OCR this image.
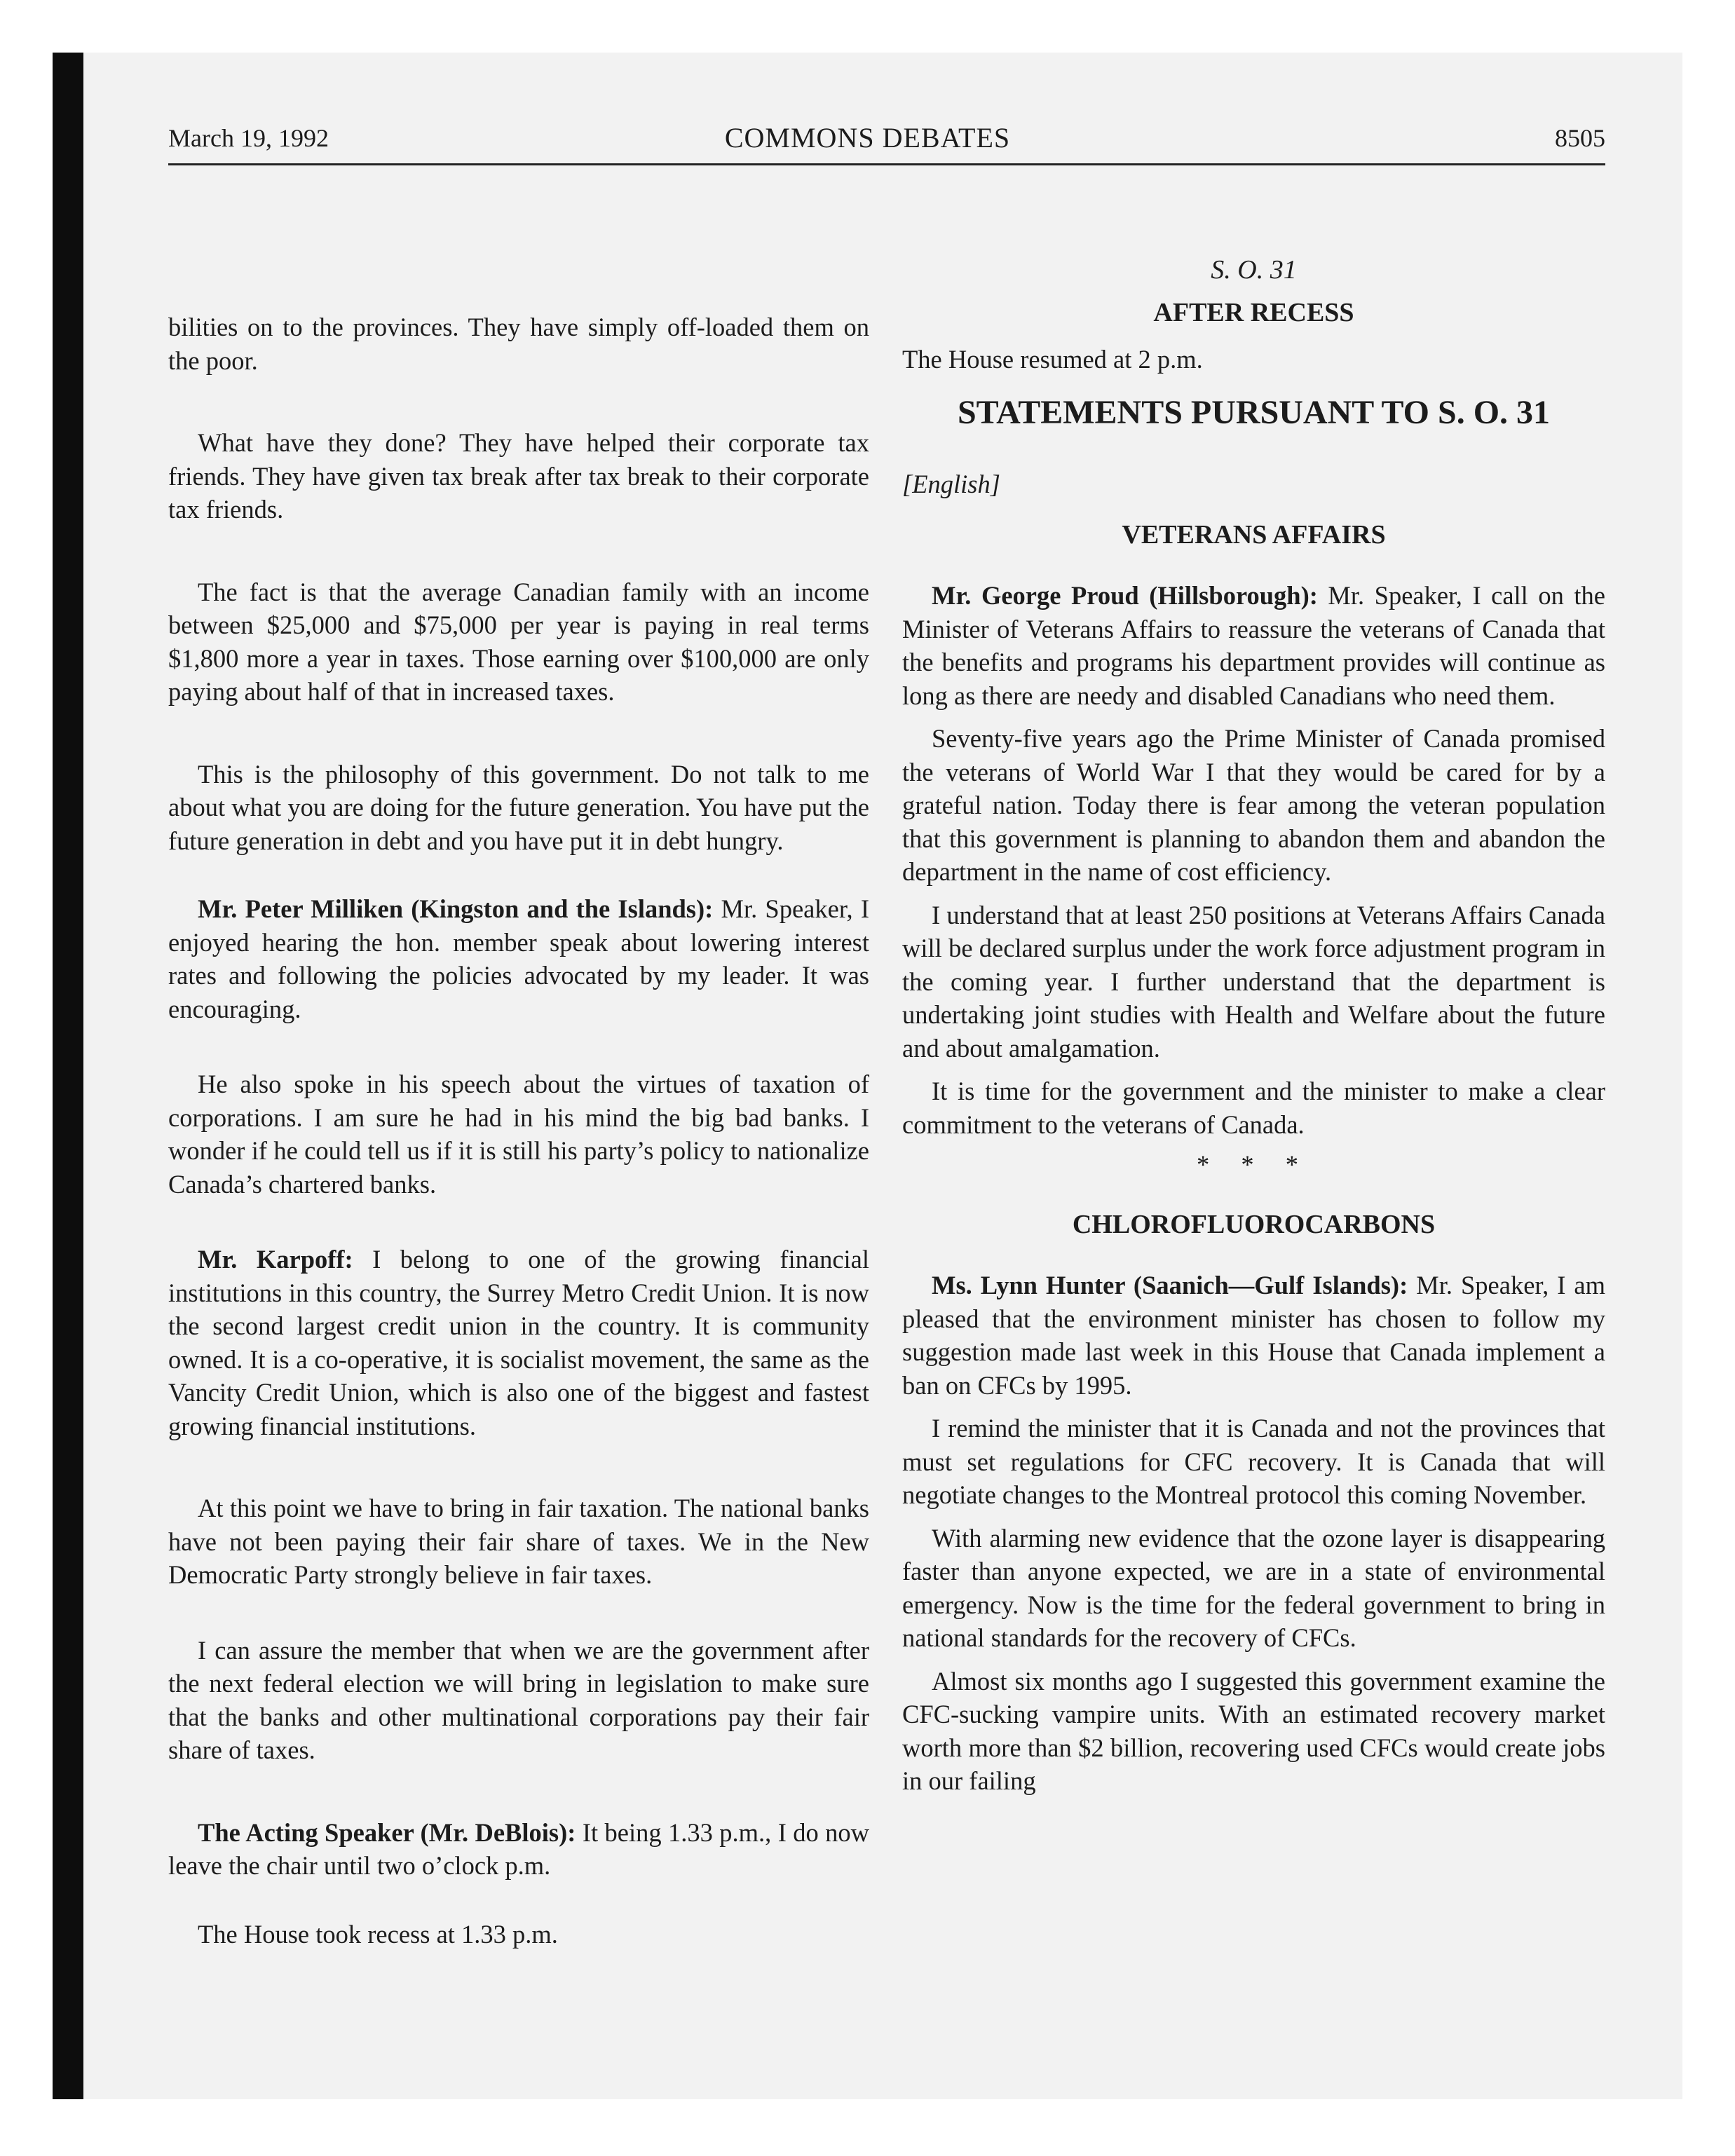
March 19, 1992	COMMONS DEBATES	8505

bilities on to the provinces. They have simply off-loaded them on the poor.

What have they done? They have helped their corporate tax friends. They have given tax break after tax break to their corporate tax friends.

The fact is that the average Canadian family with an income between $25,000 and $75,000 per year is paying in real terms $1,800 more a year in taxes. Those earning over $100,000 are only paying about half of that in increased taxes.

This is the philosophy of this government. Do not talk to me about what you are doing for the future generation. You have put the future generation in debt and you have put it in debt hungry.

Mr. Peter Milliken (Kingston and the Islands): Mr. Speaker, I enjoyed hearing the hon. member speak about lowering interest rates and following the policies advocated by my leader. It was encouraging.

He also spoke in his speech about the virtues of taxation of corporations. I am sure he had in his mind the big bad banks. I wonder if he could tell us if it is still his party’s policy to nationalize Canada’s chartered banks.

Mr. Karpoff: I belong to one of the growing financial institutions in this country, the Surrey Metro Credit Union. It is now the second largest credit union in the country. It is community owned. It is a co-operative, it is socialist movement, the same as the Vancity Credit Union, which is also one of the biggest and fastest growing financial institutions.

At this point we have to bring in fair taxation. The national banks have not been paying their fair share of taxes. We in the New Democratic Party strongly believe in fair taxes.

I can assure the member that when we are the government after the next federal election we will bring in legislation to make sure that the banks and other multinational corporations pay their fair share of taxes.

The Acting Speaker (Mr. DeBlois): It being 1.33 p.m., I do now leave the chair until two o’clock p.m.

The House took recess at 1.33 p.m.

S. O. 31

AFTER RECESS

The House resumed at 2 p.m.

STATEMENTS PURSUANT TO S. O. 31

[English]

VETERANS AFFAIRS

Mr. George Proud (Hillsborough): Mr. Speaker, I call on the Minister of Veterans Affairs to reassure the veterans of Canada that the benefits and programs his department provides will continue as long as there are needy and disabled Canadians who need them.

Seventy-five years ago the Prime Minister of Canada promised the veterans of World War I that they would be cared for by a grateful nation. Today there is fear among the veteran population that this government is planning to abandon them and abandon the department in the name of cost efficiency.

I understand that at least 250 positions at Veterans Affairs Canada will be declared surplus under the work force adjustment program in the coming year. I further understand that the department is undertaking joint studies with Health and Welfare about the future and about amalgamation.

It is time for the government and the minister to make a clear commitment to the veterans of Canada.

* * *

CHLOROFLUOROCARBONS

Ms. Lynn Hunter (Saanich—Gulf Islands): Mr. Speaker, I am pleased that the environment minister has chosen to follow my suggestion made last week in this House that Canada implement a ban on CFCs by 1995.

I remind the minister that it is Canada and not the provinces that must set regulations for CFC recovery. It is Canada that will negotiate changes to the Montreal protocol this coming November.

With alarming new evidence that the ozone layer is disappearing faster than anyone expected, we are in a state of environmental emergency. Now is the time for the federal government to bring in national standards for the recovery of CFCs.

Almost six months ago I suggested this government examine the CFC-sucking vampire units. With an estimated recovery market worth more than $2 billion, recovering used CFCs would create jobs in our failing
